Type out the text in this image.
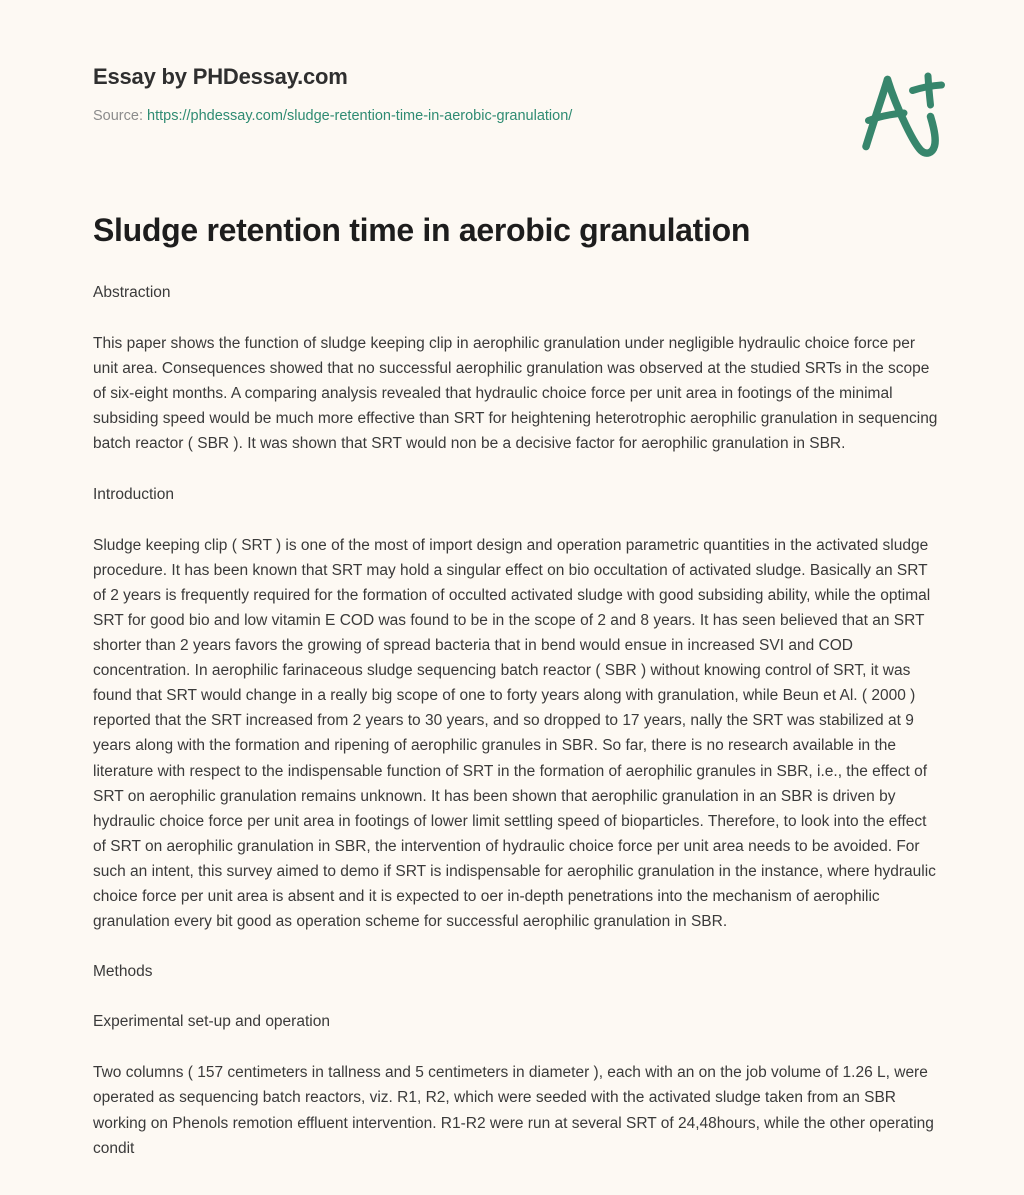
Essay by PHDessay.com
Source: https://phdessay.com/sludge-retention-time-in-aerobic-granulation/
Sludge retention time in aerobic granulation
Abstraction

This paper shows the function of sludge keeping clip in aerophilic granulation under negligible hydraulic choice force per unit area. Consequences showed that no successful aerophilic granulation was observed at the studied SRTs in the scope of six-eight months. A comparing analysis revealed that hydraulic choice force per unit area in footings of the minimal subsiding speed would be much more effective than SRT for heightening heterotrophic aerophilic granulation in sequencing batch reactor ( SBR ). It was shown that SRT would non be a decisive factor for aerophilic granulation in SBR.

Introduction

Sludge keeping clip ( SRT ) is one of the most of import design and operation parametric quantities in the activated sludge procedure. It has been known that SRT may hold a singular effect on bio occultation of activated sludge. Basically an SRT of 2 years is frequently required for the formation of occulted activated sludge with good subsiding ability, while the optimal SRT for good bio and low vitamin E COD was found to be in the scope of 2 and 8 years. It has seen believed that an SRT shorter than 2 years favors the growing of spread bacteria that in bend would ensue in increased SVI and COD concentration. In aerophilic farinaceous sludge sequencing batch reactor ( SBR ) without knowing control of SRT, it was found that SRT would change in a really big scope of one to forty years along with granulation, while Beun et Al. ( 2000 ) reported that the SRT increased from 2 years to 30 years, and so dropped to 17 years, nally the SRT was stabilized at 9 years along with the formation and ripening of aerophilic granules in SBR. So far, there is no research available in the literature with respect to the indispensable function of SRT in the formation of aerophilic granules in SBR, i.e., the effect of SRT on aerophilic granulation remains unknown. It has been shown that aerophilic granulation in an SBR is driven by hydraulic choice force per unit area in footings of lower limit settling speed of bioparticles. Therefore, to look into the effect of SRT on aerophilic granulation in SBR, the intervention of hydraulic choice force per unit area needs to be avoided. For such an intent, this survey aimed to demo if SRT is indispensable for aerophilic granulation in the instance, where hydraulic choice force per unit area is absent and it is expected to oer in-depth penetrations into the mechanism of aerophilic granulation every bit good as operation scheme for successful aerophilic granulation in SBR.

Methods
Experimental set-up and operation

Two columns ( 157 centimeters in tallness and 5 centimeters in diameter ), each with an on the job volume of 1.26 L, were operated as sequencing batch reactors, viz. R1, R2, which were seeded with the activated sludge taken from an SBR working on Phenols remotion effluent intervention. R1-R2 were run at several SRT of 24,48hours, while the other operating condit
